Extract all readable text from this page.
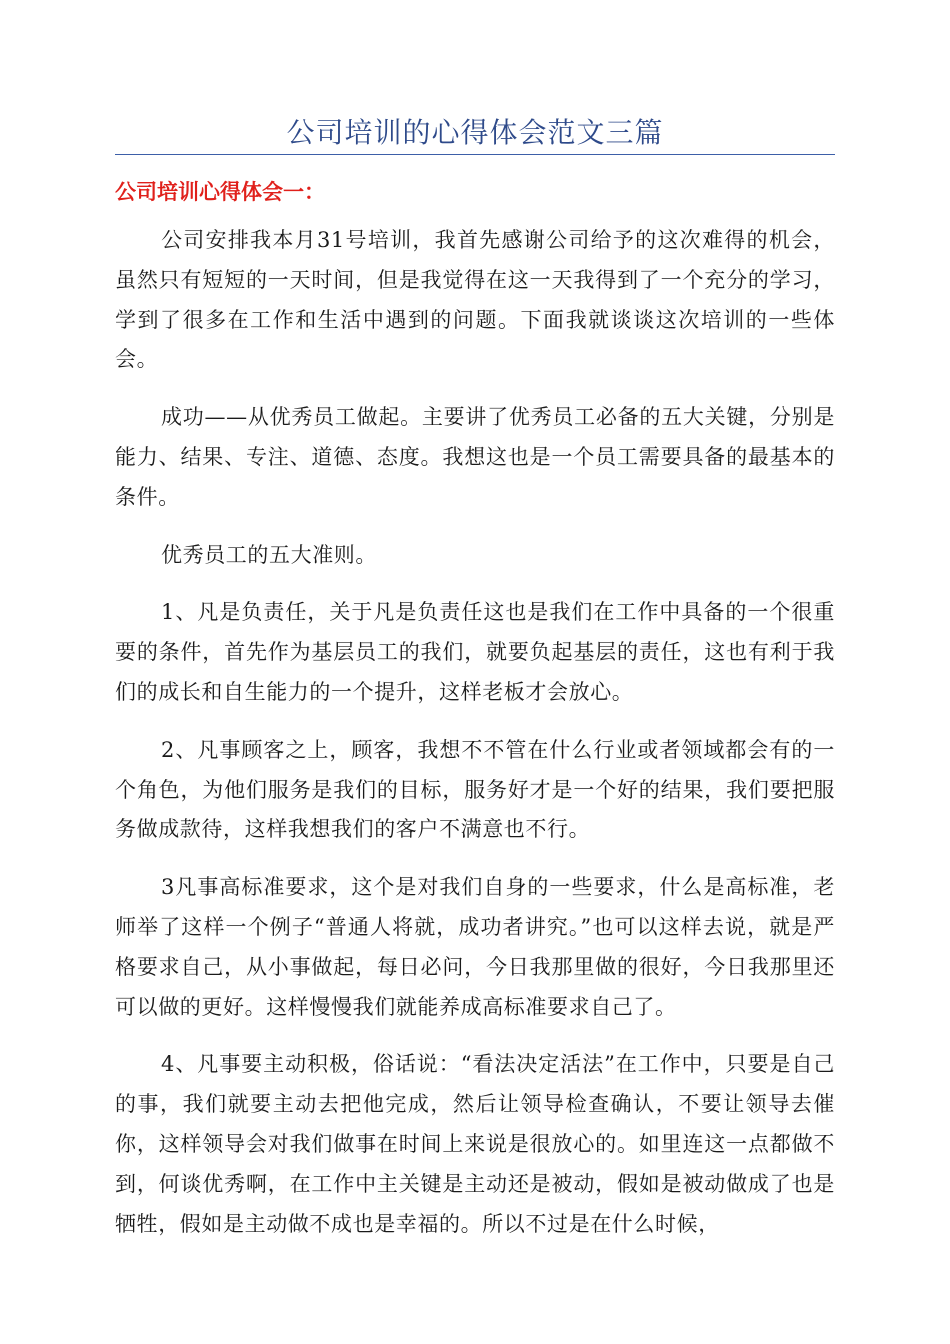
公司培训的心得体会范文三篇
公司培训心得体会一：

公司安排我本月31号培训，我首先感谢公司给予的这次难得的机会，虽然只有短短的一天时间，但是我觉得在这一天我得到了一个充分的学习，学到了很多在工作和生活中遇到的问题。下面我就谈谈这次培训的一些体会。

成功——从优秀员工做起。主要讲了优秀员工必备的五大关键，分别是能力、结果、专注、道德、态度。我想这也是一个员工需要具备的最基本的条件。

优秀员工的五大准则。

1、凡是负责任，关于凡是负责任这也是我们在工作中具备的一个很重要的条件，首先作为基层员工的我们，就要负起基层的责任，这也有利于我们的成长和自生能力的一个提升，这样老板才会放心。

2、凡事顾客之上，顾客，我想不不管在什么行业或者领域都会有的一个角色，为他们服务是我们的目标，服务好才是一个好的结果，我们要把服务做成款待，这样我想我们的客户不满意也不行。

3凡事高标准要求，这个是对我们自身的一些要求，什么是高标准，老师举了这样一个例子“普通人将就，成功者讲究。”也可以这样去说，就是严格要求自己，从小事做起，每日必问，今日我那里做的很好，今日我那里还可以做的更好。这样慢慢我们就能养成高标准要求自己了。

4、凡事要主动积极，俗话说：“看法决定活法”在工作中，只要是自己的事，我们就要主动去把他完成，然后让领导检查确认，不要让领导去催你，这样领导会对我们做事在时间上来说是很放心的。如里连这一点都做不到，何谈优秀啊，在工作中主关键是主动还是被动，假如是被动做成了也是牺牲，假如是主动做不成也是幸福的。所以不过是在什么时候，
